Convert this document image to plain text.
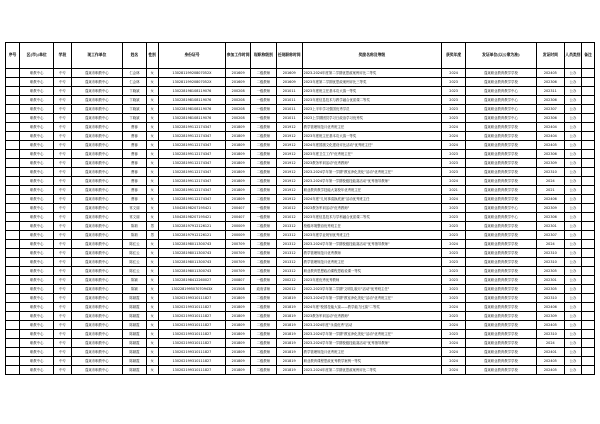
序号	区(市)/单位	学段	现工作单位	姓名	性别	身份证号	参加工作时间	现职称级别	任现职称时间	奖励名称及等级	获奖年度	发证单位(以公章为准)	发证时间	人员类别	备注
	职教中心	中专	蓬莱市职教中心	仁会林	女	13028119920807052X	201609	二级教师	201609	2023-2024年度第二学期优思政案例评比二等奖	2024	蓬莱职业教育教学学校	202405	公办	
	职教中心	中专	蓬莱市职教中心	仁会林	女	13028119920807052X	201609	二级教师	201609	2023年度第二学期优思政案例评比三等奖	2023	蓬莱职业教育教学学校	202306	公办	
	职教中心	中专	蓬莱市职教中心	卞晓斌	女	130228198108119076	200208	一级教师	201011	2023年度班主任基本功大赛一等奖	2023	蓬莱职业教育教学中心	202311	公办	
	职教中心	中专	蓬莱市职教中心	卞晓斌	女	130228198108119076	200208	一级教师	201011	2023年度信息技术与教学融合优质课二等奖	2023	蓬莱职业教育教学中心	202306	公办	
	职教中心	中专	蓬莱市职教中心	卞晓斌	女	130228198108119076	200208	一级教师	201011	2023上半年学习强国优秀学员	2023	蓬莱职业教育教学中心	202307	公办	
	职教中心	中专	蓬莱市职教中心	卞晓斌	女	130228198108119076	200208	一级教师	201011	2023上学期团员学习日政治学习优秀奖	2023	蓬莱职业教育教学中心	202306	公办	
	职教中心	中专	蓬莱市职教中心	曹蓉	女	130228199112174347	201809	二级教师	201912	教学管理规范月优秀班主任	2024	蓬莱职业教育教学学校	202404	公办	
	职教中心	中专	蓬莱市职教中心	曹蓉	女	130228199112174347	201809	二级教师	201912	2023年度班主任基本功大赛一等奖	2024	蓬莱职业教育教学学校	202404	公办	
	职教中心	中专	蓬莱市职教中心	曹蓉	女	130228199112174347	201809	二级教师	201912	2024年度国旗文化建设评比活动"优秀班主任"	2024	蓬莱职业教育教学学校	202405	公办	
	职教中心	中专	蓬莱市职教中心	曹蓉	女	130228199112174347	201809	二级教师	201912	2023年度卫生工作"优秀班主任"	2023	蓬莱职业教育教学学校	202306	公办	
	职教中心	中专	蓬莱市职教中心	曹蓉	女	130228199112174347	201809	二级教师	201912	2023教务军训活动"优秀教师"	2023	蓬莱职业教育教学学校	202309	公办	
	职教中心	中专	蓬莱市职教中心	曹蓉	女	130228199112174347	201809	二级教师	201912	2023-2024学年第一学期"教室净化美化"活动"优秀班主任"	2023	蓬莱职业教育教学学校	202310	公办	
	职教中心	中专	蓬莱市职教中心	曹蓉	女	130228199112174347	201809	二级教师	201912	2023-2024学年第一学期校级技能赛活动"优秀指导教师"	2024	蓬莱职业教育教学学校	2024	公办	
	职教中心	中专	蓬莱市职教中心	曹蓉	女	130228199112174347	201809	二级教师	201912	职业教育教学技能大赛校年优秀班主任	2021	蓬莱职业教育教学学校	2021	公办	
	职教中心	中专	蓬莱市职教中心	曹蓉	女	130228199112174347	201809	二级教师	201912	2024年度"几何事清换底流"活动优秀班主任	2024	蓬莱职业教育教学学校	202406	公办	
	职教中心	中专	蓬莱市职教中心	常文丽	女	150428198207195421	200407	一级教师	201012	2023教务军训活动"优秀教师"	2023	蓬莱职业教育教学中心	202309	公办	
	职教中心	中专	蓬莱市职教中心	常文丽	女	150428198207195421	200407	一级教师	201012	2023年度信息技术与学科融合优质课二等奖	2023	蓬莱职业教育教学中心	202306	公办	
	职教中心	中专	蓬莱市职教中心	陈莉	男	130228197912126121	200009	二级教师	201312	校级环境整治优秀班主任	2023	蓬莱职业教育教学学校	202301	公办	
	职教中心	中专	蓬莱市职教中心	陈莉	男	130228197912126121	200009	二级教师	201312	2023年度学业规划优秀班主任	2023	蓬莱职业教育教学学校	202307	公办	
	职教中心	中专	蓬莱市职教中心	陈红云	女	130228198011300743	200709	二级教师	201312	2023-2024学年第一学期校级技能赛活动"优秀指导教师"	2024	蓬莱职业教育教学学校	2024	公办	
	职教中心	中专	蓬莱市职教中心	陈红云	女	130228198011300743	200709	二级教师	201312	教学管理规范月优秀教师	2023	蓬莱职业教育教学学校	202310	公办	
	职教中心	中专	蓬莱市职教中心	陈红云	女	130228198011300743	200709	二级教师	201312	教学管理规范月优秀班主任	2023	蓬莱职业教育教学学校	202310	公办	
	职教中心	中专	蓬莱市职教中心	陈红云	女	130228198011300743	200709	二级教师	201312	职业教育思想政治课程思政说课一等奖	2023	蓬莱职业教育教学学校	202305	公办	
	职教中心	中专	蓬莱市职教中心	陈颖	女	130228198412260027	200807	一级教师	200212	2023年度优秀优秀教师	2023	蓬莱职业教育教学学校	202301	公办	
	职教中心	中专	蓬莱市职教中心	陈颖	女	130228199507070943X	201508	政府讲师	202012	2022-2023学年第二学期"文明礼貌月"活动"优秀班主任"	2023	蓬莱职业教育教学学校	202305	公办	
	职教中心	中专	蓬莱市职教中心	陈颖霞	女	130202199310111827	201809	二级教师	201819	2023-2024学年第一学期"教室净化美化"活动"优秀班主任"	2023	蓬莱职业教育教学学校	202310	公办	
	职教中心	中专	蓬莱市职教中心	陈颖霞	女	130202199310111827	201809	二级教师	201819	2024年度"校园技能大赛——教学能力比赛"二等奖	2024	蓬莱职业教育教学学校	202406	公办	
	职教中心	中专	蓬莱市职教中心	陈颖霞	女	130202199310111827	201809	二级教师	201819	2023教务军训活动"优秀教师"	2023	蓬莱职业教育教学学校	202309	公办	
	职教中心	中专	蓬莱市职教中心	陈颖霞	女	130202199310111827	201809	二级教师	201819	2023-2024年度"永清优秀"活动	2024	蓬莱职业教育教学学校	202405	公办	
	职教中心	中专	蓬莱市职教中心	陈颖霞	女	130202199310111827	201809	二级教师	201819	2023-2024学年第一学期"教室净化美化"活动"优秀班主任"	2023	蓬莱职业教育教学学校	202310	公办	
	职教中心	中专	蓬莱市职教中心	陈颖霞	女	130202199310111827	201809	二级教师	201819	2023-2024学年第一学期校级技能赛活动"优秀指导教师"	2024	蓬莱职业教育教学学校	2024	公办	
	职教中心	中专	蓬莱市职教中心	陈颖霞	女	130202199310111827	201809	二级教师	201819	教学管理规范月优秀班主任	2024	蓬莱职业教育教学学校	202401	公办	
	职教中心	中专	蓬莱市职教中心	陈颖霞	女	130202199310111827	201809	二级教师	201819	职业教育课程思政优秀教学案例一等奖	2024	蓬莱职业教育教学学校	202405	公办	
	职教中心	中专	蓬莱市职教中心	陈颖霞	女	130202199310111827	201809	二级教师	201819	2023-2024年度第二学期优思政案例评比二等奖	2024	蓬莱职业教育教学学校	202405	公办	
